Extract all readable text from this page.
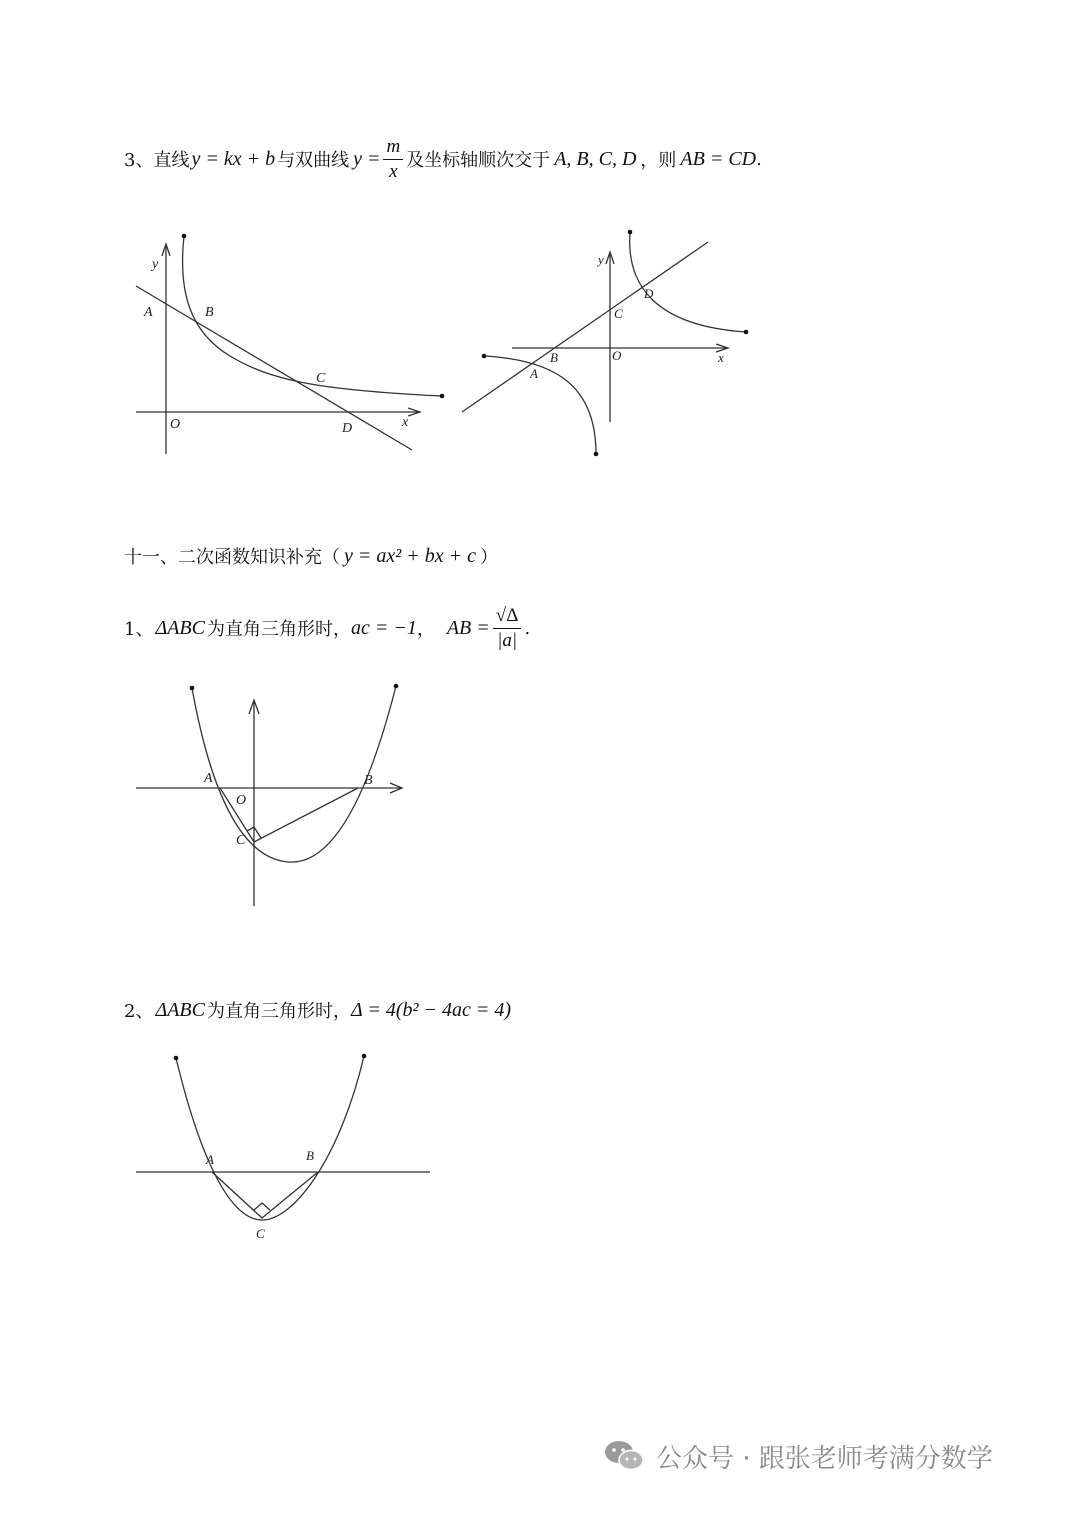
3、直线 y = kx + b 与双曲线 $y = \frac{m}{x}$ 及坐标轴顺次交于 A, B, C, D ，则 AB = CD .
y
A	B
C
O	D	x
y
D
C
O
B
A
x
十一、二次函数知识补充（ y = ax² + bx + c ）
1、 ΔABC 为直角三角形时， ac = −1 ， AB = $\frac{√\Delta}{|a|}$ .
A
O
B
C
2、 ΔABC 为直角三角形时， Δ = 4(b² − 4ac = 4)
A	B
C
公众号 · 跟张老师考满分数学
